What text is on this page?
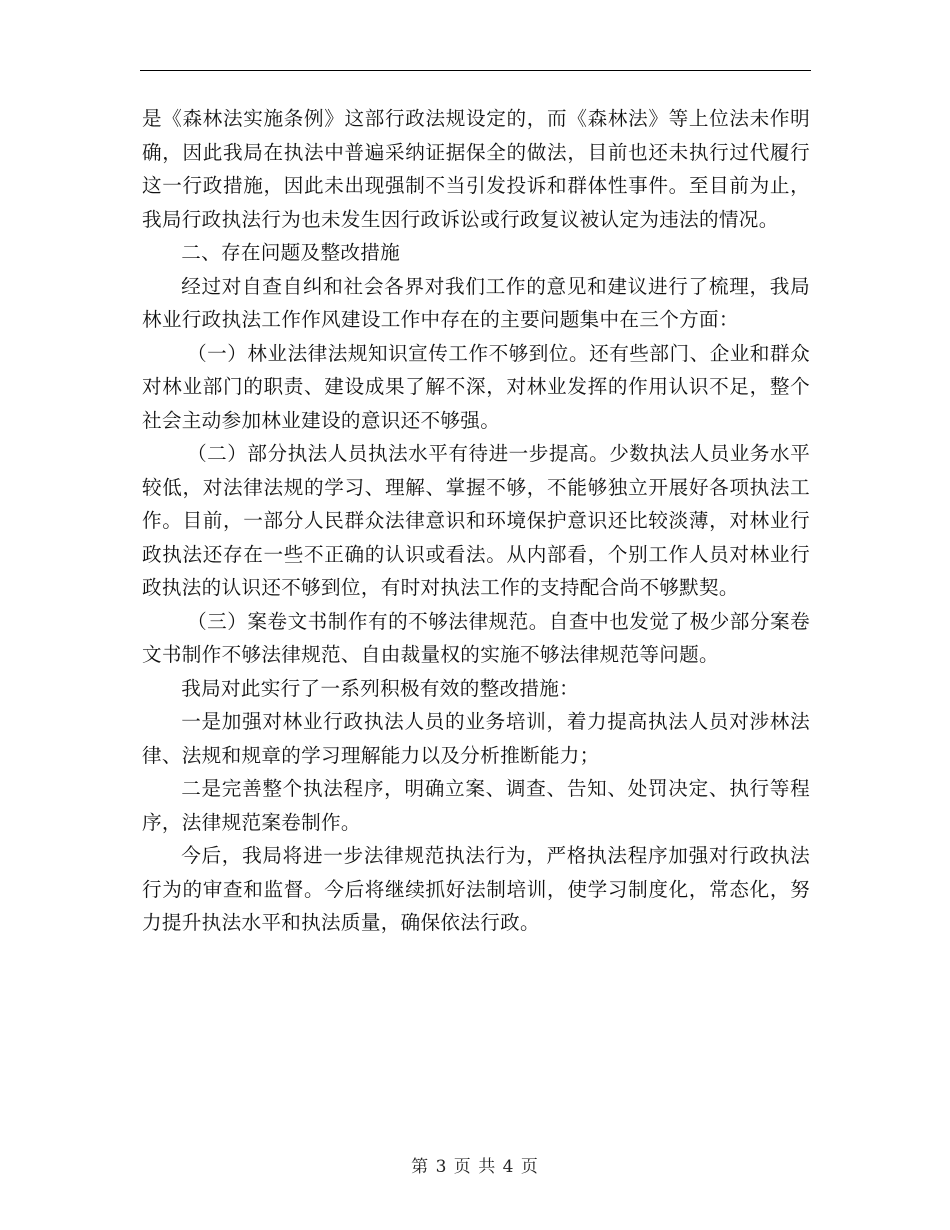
是《森林法实施条例》这部行政法规设定的，而《森林法》等上位法未作明确，因此我局在执法中普遍采纳证据保全的做法，目前也还未执行过代履行这一行政措施，因此未出现强制不当引发投诉和群体性事件。至目前为止，我局行政执法行为也未发生因行政诉讼或行政复议被认定为违法的情况。

二、存在问题及整改措施

经过对自查自纠和社会各界对我们工作的意见和建议进行了梳理，我局林业行政执法工作作风建设工作中存在的主要问题集中在三个方面：

（一）林业法律法规知识宣传工作不够到位。还有些部门、企业和群众对林业部门的职责、建设成果了解不深，对林业发挥的作用认识不足，整个社会主动参加林业建设的意识还不够强。

（二）部分执法人员执法水平有待进一步提高。少数执法人员业务水平较低，对法律法规的学习、理解、掌握不够，不能够独立开展好各项执法工作。目前，一部分人民群众法律意识和环境保护意识还比较淡薄，对林业行政执法还存在一些不正确的认识或看法。从内部看，个别工作人员对林业行政执法的认识还不够到位，有时对执法工作的支持配合尚不够默契。

（三）案卷文书制作有的不够法律规范。自查中也发觉了极少部分案卷文书制作不够法律规范、自由裁量权的实施不够法律规范等问题。

我局对此实行了一系列积极有效的整改措施：

一是加强对林业行政执法人员的业务培训，着力提高执法人员对涉林法律、法规和规章的学习理解能力以及分析推断能力；

二是完善整个执法程序，明确立案、调查、告知、处罚决定、执行等程序，法律规范案卷制作。

今后，我局将进一步法律规范执法行为，严格执法程序加强对行政执法行为的审查和监督。今后将继续抓好法制培训，使学习制度化，常态化，努力提升执法水平和执法质量，确保依法行政。

第 3 页 共 4 页
